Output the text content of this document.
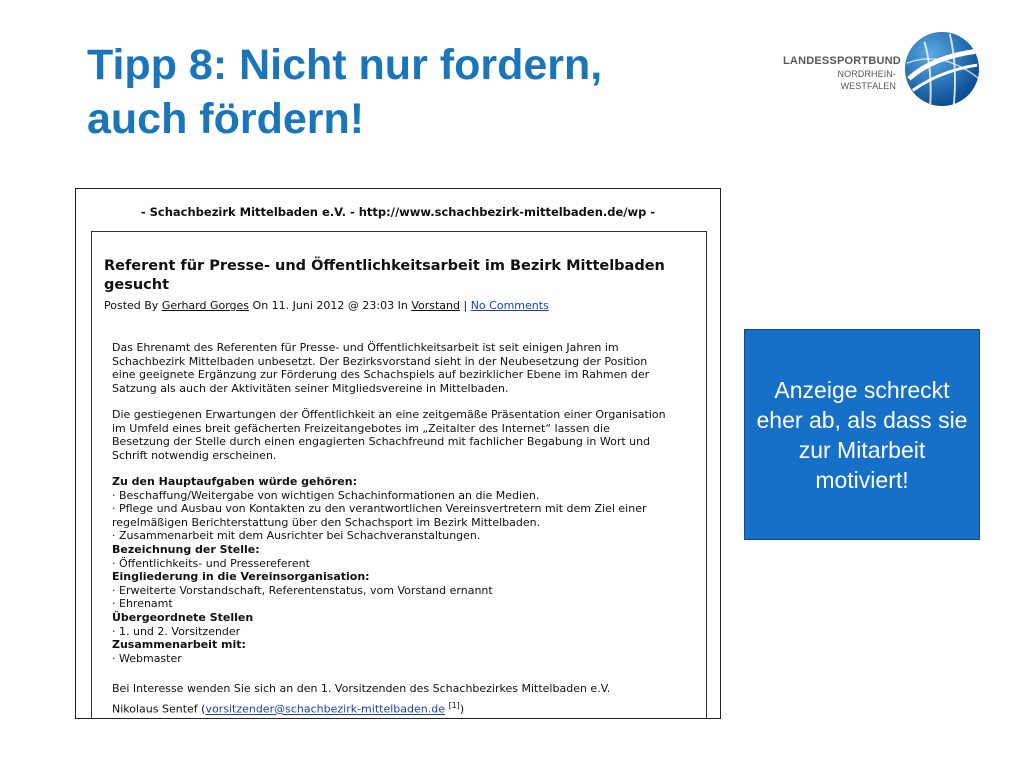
Tipp 8: Nicht nur fordern,
auch fördern!
LANDESSPORTBUND
NORDRHEIN-WESTFALEN
- Schachbezirk Mittelbaden e.V. - http://www.schachbezirk-mittelbaden.de/wp -
Referent für Presse- und Öffentlichkeitsarbeit im Bezirk Mittelbaden
gesucht
Posted By Gerhard Gorges On 11. Juni 2012 @ 23:03 In Vorstand | No Comments
Das Ehrenamt des Referenten für Presse- und Öffentlichkeitsarbeit ist seit einigen Jahren im
Schachbezirk Mittelbaden unbesetzt. Der Bezirksvorstand sieht in der Neubesetzung der Position
eine geeignete Ergänzung zur Förderung des Schachspiels auf bezirklicher Ebene im Rahmen der
Satzung als auch der Aktivitäten seiner Mitgliedsvereine in Mittelbaden.
Die gestiegenen Erwartungen der Öffentlichkeit an eine zeitgemäße Präsentation einer Organisation
im Umfeld eines breit gefächerten Freizeitangebotes im „Zeitalter des Internet“ lassen die
Besetzung der Stelle durch einen engagierten Schachfreund mit fachlicher Begabung in Wort und
Schrift notwendig erscheinen.
Zu den Hauptaufgaben würde gehören:
· Beschaffung/Weitergabe von wichtigen Schachinformationen an die Medien.
· Pflege und Ausbau von Kontakten zu den verantwortlichen Vereinsvertretern mit dem Ziel einer
regelmäßigen Berichterstattung über den Schachsport im Bezirk Mittelbaden.
· Zusammenarbeit mit dem Ausrichter bei Schachveranstaltungen.
Bezeichnung der Stelle:
· Öffentlichkeits- und Pressereferent
Eingliederung in die Vereinsorganisation:
· Erweiterte Vorstandschaft, Referentenstatus, vom Vorstand ernannt
· Ehrenamt
Übergeordnete Stellen
· 1. und 2. Vorsitzender
Zusammenarbeit mit:
· Webmaster
Bei Interesse wenden Sie sich an den 1. Vorsitzenden des Schachbezirkes Mittelbaden e.V.
Nikolaus Sentef (vorsitzender@schachbezirk-mittelbaden.de [1])
Anzeige schreckt eher ab, als dass sie zur Mitarbeit motiviert!
